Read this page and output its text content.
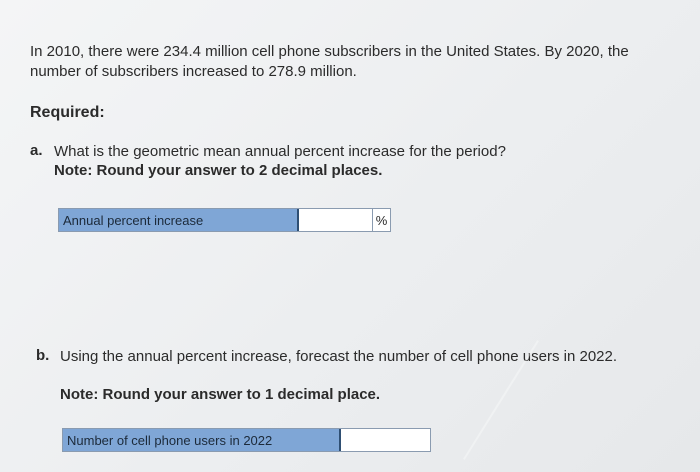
In 2010, there were 234.4 million cell phone subscribers in the United States. By 2020, the number of subscribers increased to 278.9 million.

Required:

a. What is the geometric mean annual percent increase for the period?

Note: Round your answer to 2 decimal places.

Annual percent increase	%
b. Using the annual percent increase, forecast the number of cell phone users in 2022.

Note: Round your answer to 1 decimal place.

Number of cell phone users in 2022
